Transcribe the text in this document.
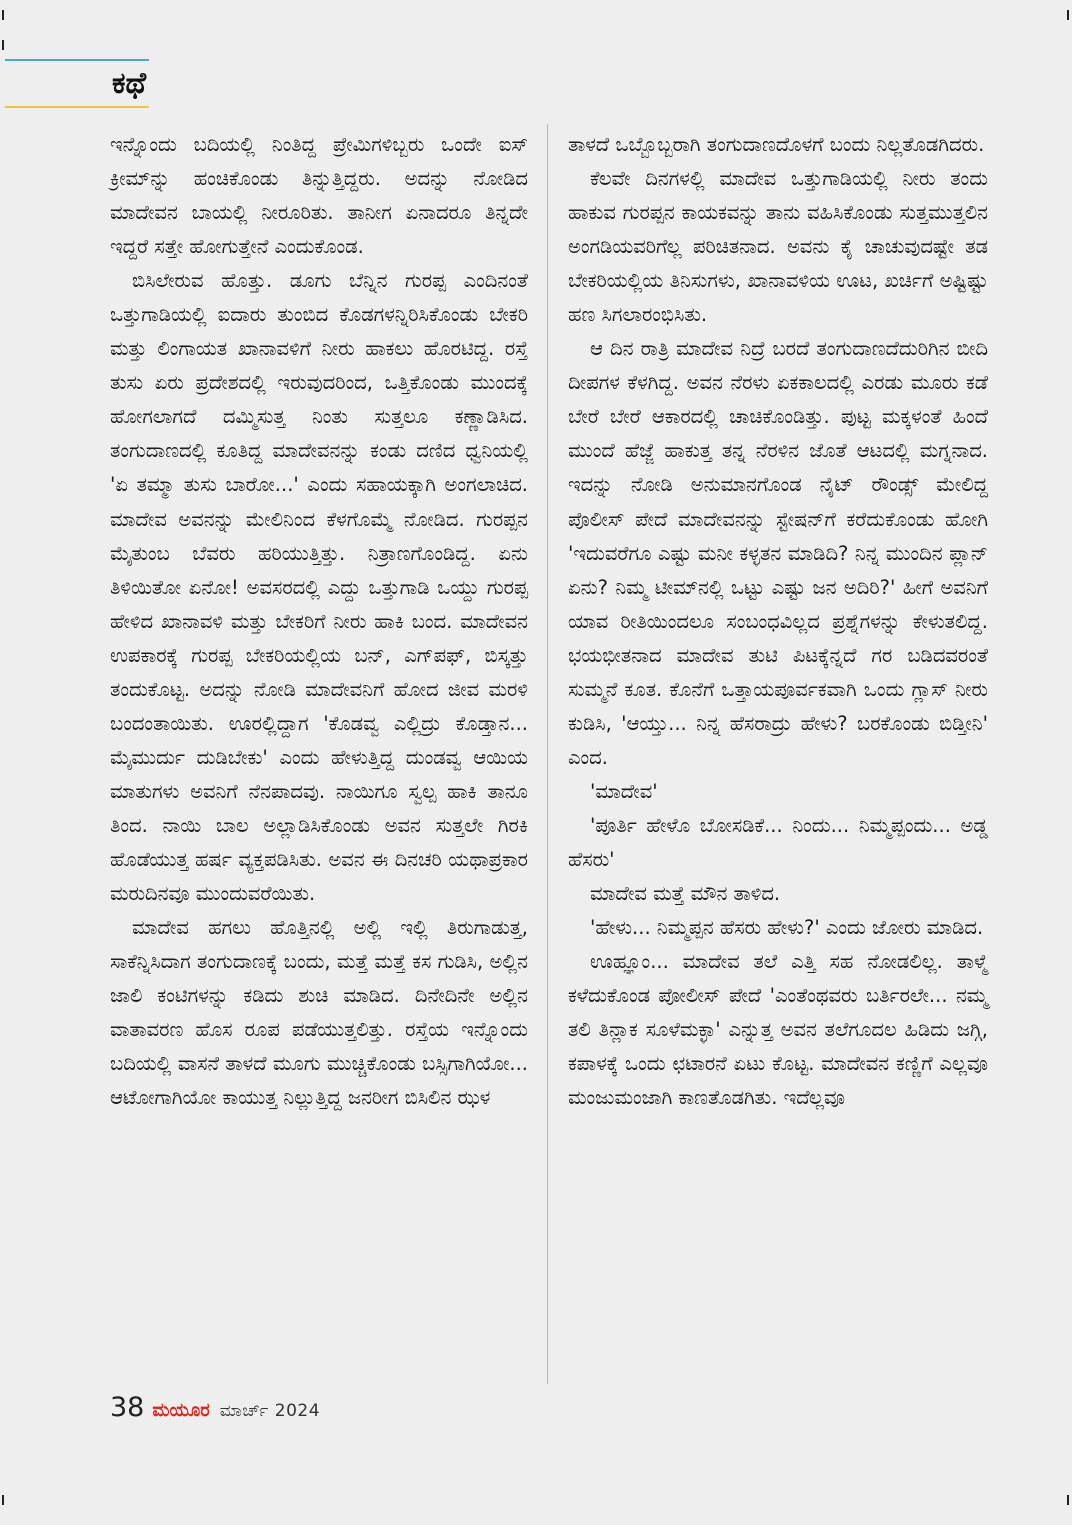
ಕಥೆ

ಇನ್ನೊಂದು ಬದಿಯಲ್ಲಿ ನಿಂತಿದ್ದ ಪ್ರೇಮಿಗಳಿಬ್ಬರು ಒಂದೇ ಐಸ್ ಕ್ರೀಮ್‌ನ್ನು ಹಂಚಿಕೊಂಡು ತಿನ್ನುತ್ತಿದ್ದರು. ಅದನ್ನು ನೋಡಿದ ಮಾದೇವನ ಬಾಯಲ್ಲಿ ನೀರೂರಿತು. ತಾನೀಗ ಏನಾದರೂ ತಿನ್ನದೇ ಇದ್ದರೆ ಸತ್ತೇ ಹೋಗುತ್ತೇನೆ ಎಂದುಕೊಂಡ.

ಬಿಸಿಲೇರುವ ಹೊತ್ತು. ಡೂಗು ಬೆನ್ನಿನ ಗುರಪ್ಪ ಎಂದಿನಂತೆ ಒತ್ತುಗಾಡಿಯಲ್ಲಿ ಐದಾರು ತುಂಬಿದ ಕೊಡಗಳನ್ನಿರಿಸಿಕೊಂಡು ಬೇಕರಿ ಮತ್ತು ಲಿಂಗಾಯತ ಖಾನಾವಳಿಗೆ ನೀರು ಹಾಕಲು ಹೊರಟಿದ್ದ. ರಸ್ತೆ ತುಸು ಏರು ಪ್ರದೇಶದಲ್ಲಿ ಇರುವುದರಿಂದ, ಒತ್ತಿಕೊಂಡು ಮುಂದಕ್ಕೆ ಹೋಗಲಾಗದೆ ದಮ್ಮಿಸುತ್ತ ನಿಂತು ಸುತ್ತಲೂ ಕಣ್ಣಾಡಿಸಿದ. ತಂಗುದಾಣದಲ್ಲಿ ಕೂತಿದ್ದ ಮಾದೇವನನ್ನು ಕಂಡು ದಣಿದ ಧ್ವನಿಯಲ್ಲಿ 'ಏ ತಮ್ಮಾ ತುಸು ಬಾರೋ...' ಎಂದು ಸಹಾಯಕ್ಕಾಗಿ ಅಂಗಲಾಚಿದ. ಮಾದೇವ ಅವನನ್ನು ಮೇಲಿನಿಂದ ಕೆಳಗೊಮ್ಮೆ ನೋಡಿದ. ಗುರಪ್ಪನ ಮೈತುಂಬ ಬೆವರು ಹರಿಯುತ್ತಿತ್ತು. ನಿತ್ರಾಣಗೊಂಡಿದ್ದ. ಏನು ತಿಳಿಯಿತೋ ಏನೋ! ಅವಸರದಲ್ಲಿ ಎದ್ದು ಒತ್ತುಗಾಡಿ ಒಯ್ದು ಗುರಪ್ಪ ಹೇಳಿದ ಖಾನಾವಳಿ ಮತ್ತು ಬೇಕರಿಗೆ ನೀರು ಹಾಕಿ ಬಂದ. ಮಾದೇವನ ಉಪಕಾರಕ್ಕೆ ಗುರಪ್ಪ ಬೇಕರಿಯಲ್ಲಿಯ ಬನ್, ಎಗ್‌ಪಫ್, ಬಿಸ್ಕತ್ತು ತಂದುಕೊಟ್ಟ. ಅದನ್ನು ನೋಡಿ ಮಾದೇವನಿಗೆ ಹೋದ ಜೀವ ಮರಳಿ ಬಂದಂತಾಯಿತು. ಊರಲ್ಲಿದ್ದಾಗ 'ಕೊಡವ್ವ ಎಲ್ಲಿದ್ರು ಕೊಡ್ತಾನ... ಮೈಮುರ್ದು ದುಡಿಬೇಕು' ಎಂದು ಹೇಳುತ್ತಿದ್ದ ದುಂಡವ್ವ ಆಯಿಯ ಮಾತುಗಳು ಅವನಿಗೆ ನೆನಪಾದವು. ನಾಯಿಗೂ ಸ್ವಲ್ಪ ಹಾಕಿ ತಾನೂ ತಿಂದ. ನಾಯಿ ಬಾಲ ಅಲ್ಲಾಡಿಸಿಕೊಂಡು ಅವನ ಸುತ್ತಲೇ ಗಿರಕಿ ಹೊಡೆಯುತ್ತ ಹರ್ಷ ವ್ಯಕ್ತಪಡಿಸಿತು. ಅವನ ಈ ದಿನಚರಿ ಯಥಾಪ್ರಕಾರ ಮರುದಿನವೂ ಮುಂದುವರೆಯಿತು.

ಮಾದೇವ ಹಗಲು ಹೊತ್ತಿನಲ್ಲಿ ಅಲ್ಲಿ ಇಲ್ಲಿ ತಿರುಗಾಡುತ್ತ, ಸಾಕೆನ್ನಿಸಿದಾಗ ತಂಗುದಾಣಕ್ಕೆ ಬಂದು, ಮತ್ತೆ ಮತ್ತೆ ಕಸ ಗುಡಿಸಿ, ಅಲ್ಲಿನ ಜಾಲಿ ಕಂಟಿಗಳನ್ನು ಕಡಿದು ಶುಚಿ ಮಾಡಿದ. ದಿನೇದಿನೇ ಅಲ್ಲಿನ ವಾತಾವರಣ ಹೊಸ ರೂಪ ಪಡೆಯುತ್ತಲಿತ್ತು. ರಸ್ತೆಯ ಇನ್ನೊಂದು ಬದಿಯಲ್ಲಿ ವಾಸನೆ ತಾಳದೆ ಮೂಗು ಮುಚ್ಚಿಕೊಂಡು ಬಸ್ಸಿಗಾಗಿಯೋ... ಆಟೋಗಾಗಿಯೋ ಕಾಯುತ್ತ ನಿಲ್ಲುತ್ತಿದ್ದ ಜನರೀಗ ಬಿಸಿಲಿನ ಝಳ

ತಾಳದೆ ಒಬ್ಬೊಬ್ಬರಾಗಿ ತಂಗುದಾಣದೊಳಗೆ ಬಂದು ನಿಲ್ಲತೊಡಗಿದರು.

ಕೆಲವೇ ದಿನಗಳಲ್ಲಿ ಮಾದೇವ ಒತ್ತುಗಾಡಿಯಲ್ಲಿ ನೀರು ತಂದು ಹಾಕುವ ಗುರಪ್ಪನ ಕಾಯಕವನ್ನು ತಾನು ವಹಿಸಿಕೊಂಡು ಸುತ್ತಮುತ್ತಲಿನ ಅಂಗಡಿಯವರಿಗೆಲ್ಲ ಪರಿಚಿತನಾದ. ಅವನು ಕೈ ಚಾಚುವುದಷ್ಟೇ ತಡ ಬೇಕರಿಯಲ್ಲಿಯ ತಿನಿಸುಗಳು, ಖಾನಾವಳಿಯ ಊಟ, ಖರ್ಚಿಗೆ ಅಷ್ಟಿಷ್ಟು ಹಣ ಸಿಗಲಾರಂಭಿಸಿತು.

ಆ ದಿನ ರಾತ್ರಿ ಮಾದೇವ ನಿದ್ರೆ ಬರದೆ ತಂಗುದಾಣದೆದುರಿಗಿನ ಬೀದಿ ದೀಪಗಳ ಕೆಳಗಿದ್ದ. ಅವನ ನೆರಳು ಏಕಕಾಲದಲ್ಲಿ ಎರಡು ಮೂರು ಕಡೆ ಬೇರೆ ಬೇರೆ ಆಕಾರದಲ್ಲಿ ಚಾಚಿಕೊಂಡಿತ್ತು. ಪುಟ್ಟ ಮಕ್ಕಳಂತೆ ಹಿಂದೆ ಮುಂದೆ ಹೆಜ್ಜೆ ಹಾಕುತ್ತ ತನ್ನ ನೆರಳಿನ ಜೊತೆ ಆಟದಲ್ಲಿ ಮಗ್ನನಾದ. ಇದನ್ನು ನೋಡಿ ಅನುಮಾನಗೊಂಡ ನೈಟ್ ರೌಂಡ್ಸ್ ಮೇಲಿದ್ದ ಪೊಲೀಸ್ ಪೇದೆ ಮಾದೇವನನ್ನು ಸ್ಟೇಷನ್‌ಗೆ ಕರೆದುಕೊಂಡು ಹೋಗಿ 'ಇದುವರೆಗೂ ಎಷ್ಟು ಮನೀ ಕಳ್ಳತನ ಮಾಡಿದಿ? ನಿನ್ನ ಮುಂದಿನ ಪ್ಲಾನ್ ಏನು? ನಿಮ್ಮ ಟೀಮ್‌ನಲ್ಲಿ ಒಟ್ಟು ಎಷ್ಟು ಜನ ಅದಿರಿ?' ಹೀಗೆ ಅವನಿಗೆ ಯಾವ ರೀತಿಯಿಂದಲೂ ಸಂಬಂಧವಿಲ್ಲದ ಪ್ರಶ್ನೆಗಳನ್ನು ಕೇಳುತಲಿದ್ದ. ಭಯಭೀತನಾದ ಮಾದೇವ ತುಟಿ ಪಿಟಕ್ಕೆನ್ನದೆ ಗರ ಬಡಿದವರಂತೆ ಸುಮ್ಮನೆ ಕೂತ. ಕೊನೆಗೆ ಒತ್ತಾಯಪೂರ್ವಕವಾಗಿ ಒಂದು ಗ್ಲಾಸ್ ನೀರು ಕುಡಿಸಿ, 'ಆಯ್ತು... ನಿನ್ನ ಹೆಸರಾದ್ರು ಹೇಳು? ಬರಕೊಂಡು ಬಿಡ್ತೀನಿ' ಎಂದ.

'ಮಾದೇವ'

'ಪೂರ್ತಿ ಹೇಳೊ ಬೋಸಡಿಕೆ... ನಿಂದು... ನಿಮ್ಮಪ್ಪಂದು... ಅಡ್ಡ ಹೆಸರು'

ಮಾದೇವ ಮತ್ತೆ ಮೌನ ತಾಳಿದ.

'ಹೇಳು... ನಿಮ್ಮಪ್ಪನ ಹೆಸರು ಹೇಳು?' ಎಂದು ಜೋರು ಮಾಡಿದ.

ಊಹ್ಞೂಂ... ಮಾದೇವ ತಲೆ ಎತ್ತಿ ಸಹ ನೋಡಲಿಲ್ಲ. ತಾಳ್ಮೆ ಕಳೆದುಕೊಂಡ ಪೋಲೀಸ್ ಪೇದೆ 'ಎಂತೆಂಥವರು ಬರ್ತಿರಲೇ... ನಮ್ಮ ತಲಿ ತಿನ್ಲಾಕ ಸೂಳೆಮಕ್ಳಾ' ಎನ್ನುತ್ತ ಅವನ ತಲೆಗೂದಲ ಹಿಡಿದು ಜಗ್ಗಿ, ಕಪಾಳಕ್ಕೆ ಒಂದು ಛಟಾರನೆ ಏಟು ಕೊಟ್ಟ. ಮಾದೇವನ ಕಣ್ಣಿಗೆ ಎಲ್ಲವೂ ಮಂಜುಮಂಜಾಗಿ ಕಾಣತೊಡಗಿತು. ಇದೆಲ್ಲವೂ

38 ಮಯೂರ ಮಾರ್ಚ್ 2024
